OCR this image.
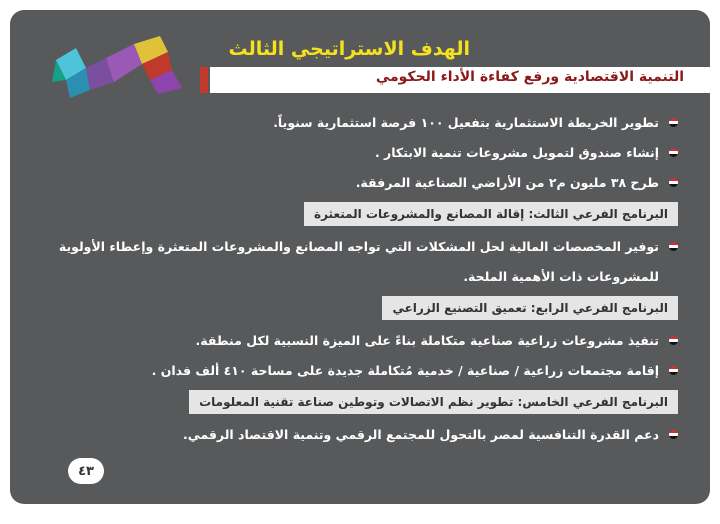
الهدف الاستراتيجي الثالث
التنمية الاقتصادية ورفع كفاءة الأداء الحكومي
تطوير الخريطة الاستثمارية بتفعيل ١٠٠ فرصة استثمارية سنوياً.
إنشاء صندوق لتمويل مشروعات تنمية الابتكار .
طرح ٣٨ مليون م٢ من الأراضي الصناعية المرفقة.
البرنامج الفرعي الثالث: إقالة المصانع والمشروعات المتعثرة
توفير المخصصات المالية لحل المشكلات التي تواجه المصانع والمشروعات المتعثرة وإعطاء الأولوية للمشروعات ذات الأهمية الملحة.
البرنامج الفرعي الرابع: تعميق التصنيع الزراعي
تنفيذ مشروعات زراعية صناعية متكاملة بناءً على الميزة النسبية لكل منطقة.
إقامة مجتمعات زراعية / صناعية / خدمية مُتكاملة جديدة على مساحة ٤١٠ ألف فدان .
البرنامج الفرعي الخامس: تطوير نظم الاتصالات وتوطين صناعة تقنية المعلومات
دعم القدرة التنافسية لمصر بالتحول للمجتمع الرقمي وتنمية الاقتصاد الرقمي.
٤٣
